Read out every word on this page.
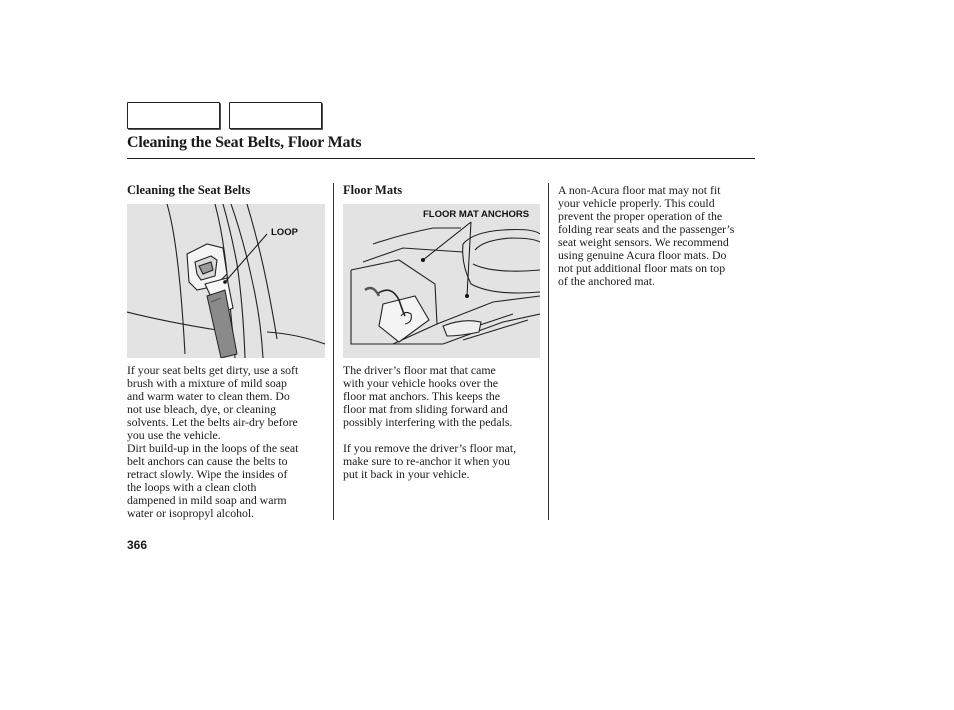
Cleaning the Seat Belts, Floor Mats
Cleaning the Seat Belts
LOOP
If your seat belts get dirty, use a soft
brush with a mixture of mild soap
and warm water to clean them. Do
not use bleach, dye, or cleaning
solvents. Let the belts air-dry before
you use the vehicle.
Dirt build-up in the loops of the seat
belt anchors can cause the belts to
retract slowly. Wipe the insides of
the loops with a clean cloth
dampened in mild soap and warm
water or isopropyl alcohol.
Floor Mats
FLOOR MAT ANCHORS
The driver’s floor mat that came
with your vehicle hooks over the
floor mat anchors. This keeps the
floor mat from sliding forward and
possibly interfering with the pedals.
If you remove the driver’s floor mat,
make sure to re-anchor it when you
put it back in your vehicle.
A non-Acura floor mat may not fit
your vehicle properly. This could
prevent the proper operation of the
folding rear seats and the passenger’s
seat weight sensors. We recommend
using genuine Acura floor mats. Do
not put additional floor mats on top
of the anchored mat.
366
